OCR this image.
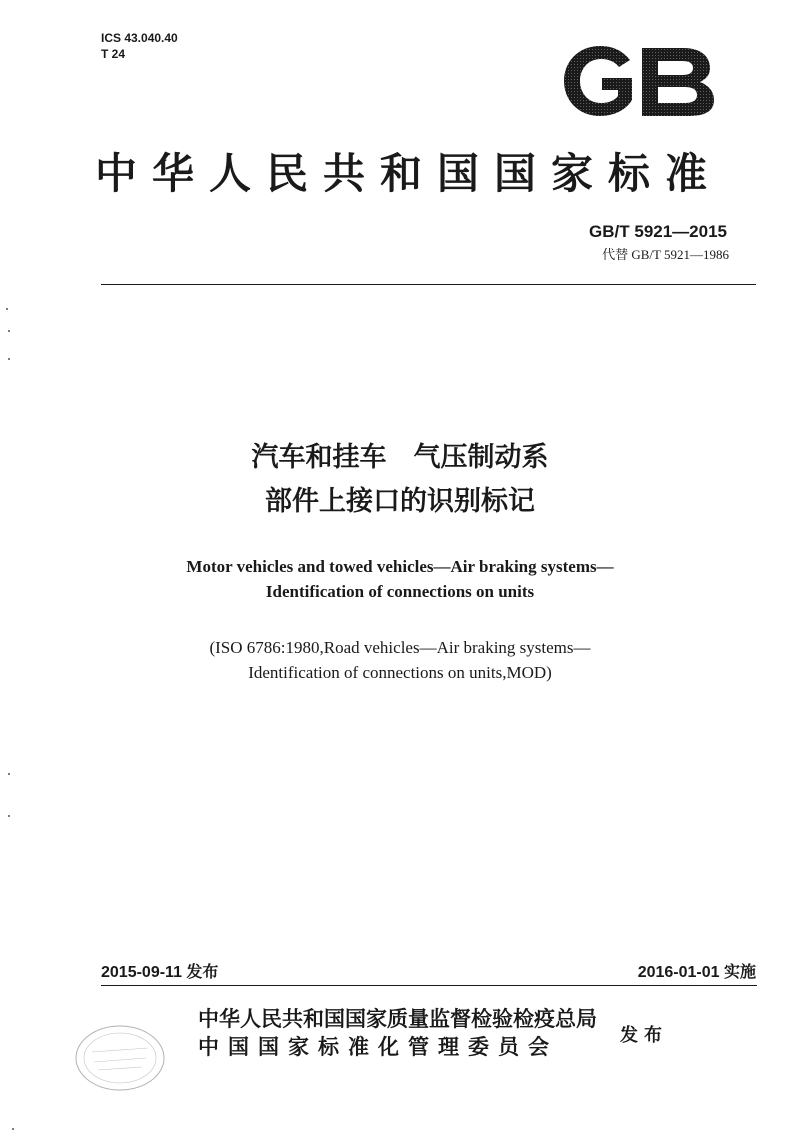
ICS 43.040.40
T 24
中华人民共和国国家标准
GB/T 5921—2015
代替 GB/T 5921—1986
汽车和挂车　气压制动系
部件上接口的识别标记
Motor vehicles and towed vehicles—Air braking systems—
Identification of connections on units
(ISO 6786:1980,Road vehicles—Air braking systems—
Identification of connections on units,MOD)
2015-09-11 发布	2016-01-01 实施
中华人民共和国国家质量监督检验检疫总局
中国国家标准化管理委员会	发布
